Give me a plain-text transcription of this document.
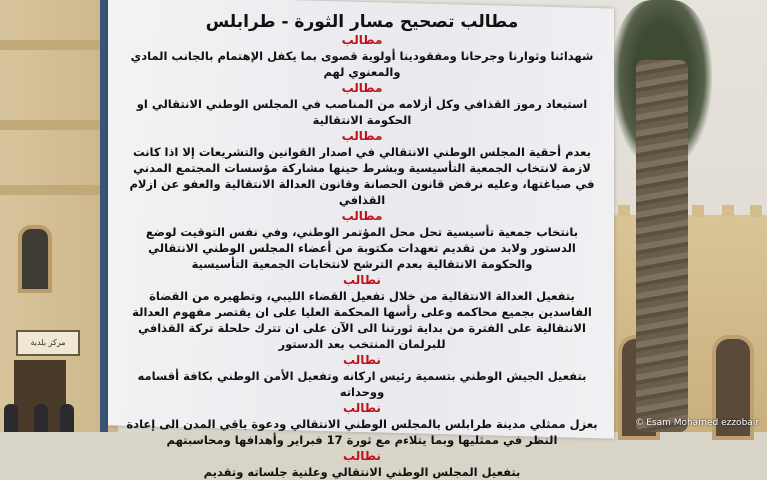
مركز بلدية
مطالب تصحيح مسار الثورة - طرابلس
مطالب
شهدائنا وثوارنا وجرحانا ومفقودينا أولوية قصوى بما يكفل الإهتمام بالجانب المادي والمعنوي لهم
مطالب
استبعاد رموز القذافي وكل أزلامه من المناصب في المجلس الوطني الانتقالي او الحكومة الانتقالية
مطالب
بعدم أحقية المجلس الوطني الانتقالي في اصدار القوانين والتشريعات إلا اذا كانت لازمة لانتخاب الجمعية التأسيسية وبشرط حينها مشاركة مؤسسات المجتمع المدني في صياغتها، وعليه نرفض قانون الحصانة وقانون العدالة الانتقالية والعفو عن ازلام القذافي
مطالب
بانتخاب جمعية تأسيسية تحل محل المؤتمر الوطني، وفي نفس التوقيت لوضع الدستور ولابد من تقديم تعهدات مكتوبة من أعضاء المجلس الوطني الانتقالي والحكومة الانتقالية بعدم الترشح لانتخابات الجمعية التأسيسية
نطالب
بتفعيل العدالة الانتقالية من خلال تفعيل القضاء الليبي، وتطهيره من القضاة الفاسدين بجميع محاكمه وعلى رأسها المحكمة العليا على ان يقتصر مفهوم العدالة الانتقالية على الفترة من بداية ثورتنا الى الآن على ان تترك حلحلة تركة القذافي للبرلمان المنتخب بعد الدستور
نطالب
بتفعيل الجيش الوطني بتسمية رئيس اركانه وتفعيل الأمن الوطني بكافة أقسامه ووحداته
نطالب
بعزل ممثلي مدينة طرابلس بالمجلس الوطني الانتقالي ودعوة باقي المدن الى إعادة النظر في ممثليها وبما يتلاءم مع ثورة 17 فبراير وأهدافها ومحاسبتهم
نطالب
بتفعيل المجلس الوطني الانتقالي وعلنية جلساته وتقديم
© Esam Mohamed ezzobair
